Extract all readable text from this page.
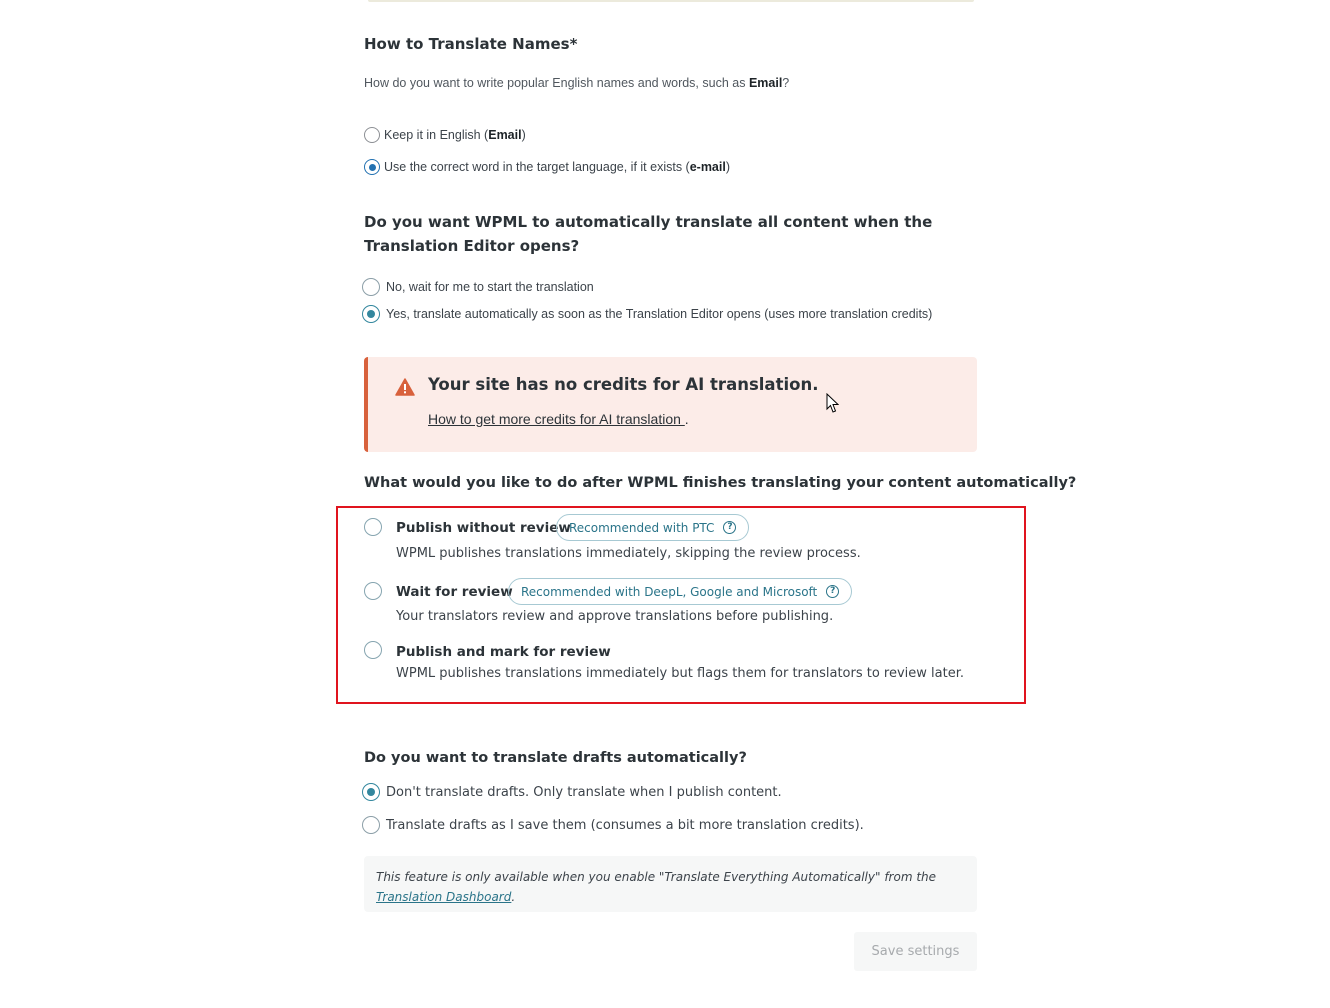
How to Translate Names*

How do you want to write popular English names and words, such as Email?

Keep it in English (Email)
Use the correct word in the target language, if it exists (e-mail)
Do you want WPML to automatically translate all content when the Translation Editor opens?
No, wait for me to start the translation
Yes, translate automatically as soon as the Translation Editor opens (uses more translation credits)
Your site has no credits for AI translation.
How to get more credits for AI translation .
What would you like to do after WPML finishes translating your content automatically?
Publish without review
Recommended with PTC	?
WPML publishes translations immediately, skipping the review process.
Wait for review Recommended with DeepL, Google and Microsoft	?
Your translators review and approve translations before publishing.
Publish and mark for review
WPML publishes translations immediately but flags them for translators to review later.
Do you want to translate drafts automatically?
Don't translate drafts. Only translate when I publish content.
Translate drafts as I save them (consumes a bit more translation credits).
This feature is only available when you enable "Translate Everything Automatically" from the Translation Dashboard.
Save settings
